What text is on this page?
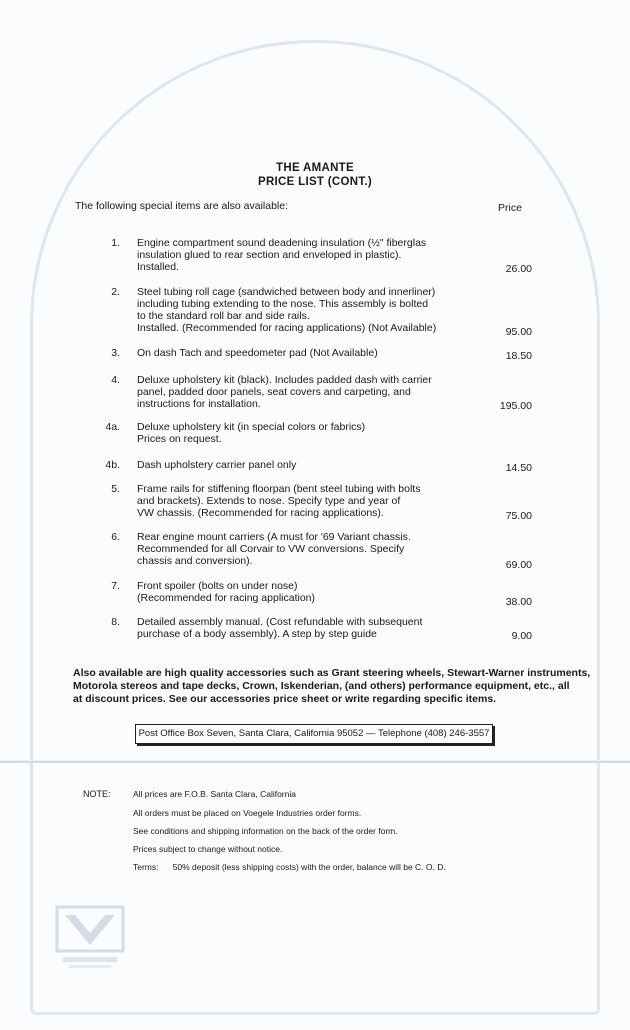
THE AMANTE
PRICE LIST (CONT.)
The following special items are also available:	Price
1. Engine compartment sound deadening insulation (½" fiberglas
insulation glued to rear section and enveloped in plastic).
Installed.	26.00
2. Steel tubing roll cage (sandwiched between body and innerliner)
including tubing extending to the nose. This assembly is bolted
to the standard roll bar and side rails.
Installed. (Recommended for racing applications) (Not Available)	95.00
3. On dash Tach and speedometer pad (Not Available)	18.50
4. Deluxe upholstery kit (black). Includes padded dash with carrier
panel, padded door panels, seat covers and carpeting, and
instructions for installation.	195.00
4a. Deluxe upholstery kit (in special colors or fabrics)
Prices on request.
4b. Dash upholstery carrier panel only	14.50
5. Frame rails for stiffening floorpan (bent steel tubing with bolts
and brackets). Extends to nose. Specify type and year of
VW chassis. (Recommended for racing applications).	75.00
6. Rear engine mount carriers (A must for '69 Variant chassis.
Recommended for all Corvair to VW conversions. Specify
chassis and conversion).	69.00
7. Front spoiler (bolts on under nose)
(Recommended for racing application)	38.00
8. Detailed assembly manual. (Cost refundable with subsequent
purchase of a body assembly). A step by step guide	9.00
Also available are high quality accessories such as Grant steering wheels, Stewart-Warner instruments,
Motorola stereos and tape decks, Crown, Iskenderian, (and others) performance equipment, etc., all
at discount prices. See our accessories price sheet or write regarding specific items.
Post Office Box Seven, Santa Clara, California 95052 — Telephone (408) 246-3557
NOTE:	All prices are F.O.B. Santa Clara, California
All orders must be placed on Voegele Industries order forms.
See conditions and shipping information on the back of the order form.
Prices subject to change without notice.
Terms:      50% deposit (less shipping costs) with the order, balance will be C. O. D.
